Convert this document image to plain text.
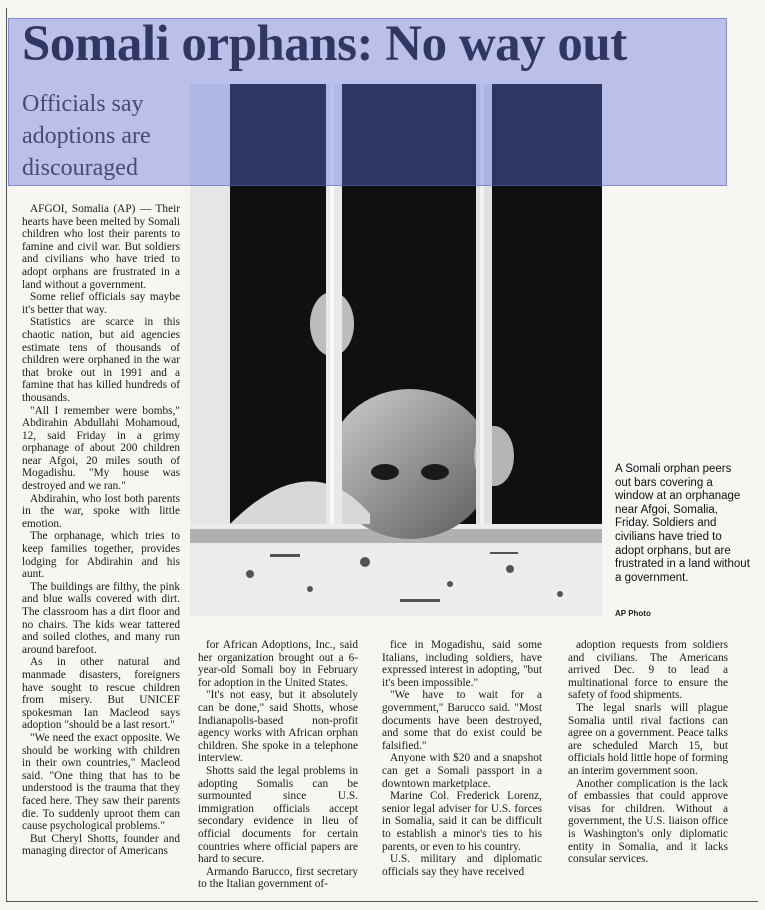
Somali orphans: No way out
Officials say adoptions are discouraged
A Somali orphan peers out bars covering a window at an orphanage near Afgoi, Somalia, Friday. Soldiers and civilians have tried to adopt orphans, but are frustrated in a land without a government.
AP Photo

AFGOI, Somalia (AP) — Their hearts have been melted by Somali children who lost their parents to famine and civil war. But soldiers and civilians who have tried to adopt orphans are frustrated in a land without a government.

Some relief officials say maybe it's better that way.

Statistics are scarce in this chaotic nation, but aid agencies estimate tens of thousands of children were orphaned in the war that broke out in 1991 and a famine that has killed hundreds of thousands.

"All I remember were bombs," Abdirahin Abdullahi Mohamoud, 12, said Friday in a grimy orphanage of about 200 children near Afgoi, 20 miles south of Mogadishu. "My house was destroyed and we ran."

Abdirahin, who lost both parents in the war, spoke with little emotion.

The orphanage, which tries to keep families together, provides lodging for Abdirahin and his aunt.

The buildings are filthy, the pink and blue walls covered with dirt. The classroom has a dirt floor and no chairs. The kids wear tattered and soiled clothes, and many run around barefoot.

As in other natural and manmade disasters, foreigners have sought to rescue children from misery. But UNICEF spokesman Ian Macleod says adoption "should be a last resort."

"We need the exact opposite. We should be working with children in their own countries," Macleod said. "One thing that has to be understood is the trauma that they faced here. They saw their parents die. To suddenly uproot them can cause psychological problems."

But Cheryl Shotts, founder and managing director of Americans

for African Adoptions, Inc., said her organization brought out a 6-year-old Somali boy in February for adoption in the United States.

"It's not easy, but it absolutely can be done," said Shotts, whose Indianapolis-based non-profit agency works with African orphan children. She spoke in a telephone interview.

Shotts said the legal problems in adopting Somalis can be surmounted since U.S. immigration officials accept secondary evidence in lieu of official documents for certain countries where official papers are hard to secure.

Armando Barucco, first secretary to the Italian government of-

fice in Mogadishu, said some Italians, including soldiers, have expressed interest in adopting, "but it's been impossible."

"We have to wait for a government," Barucco said. "Most documents have been destroyed, and some that do exist could be falsified."

Anyone with $20 and a snapshot can get a Somali passport in a downtown marketplace.

Marine Col. Frederick Lorenz, senior legal adviser for U.S. forces in Somalia, said it can be difficult to establish a minor's ties to his parents, or even to his country.

U.S. military and diplomatic officials say they have received

adoption requests from soldiers and civilians. The Americans arrived Dec. 9 to lead a multinational force to ensure the safety of food shipments.

The legal snarls will plague Somalia until rival factions can agree on a government. Peace talks are scheduled March 15, but officials hold little hope of forming an interim government soon.

Another complication is the lack of embassies that could approve visas for children. Without a government, the U.S. liaison office is Washington's only diplomatic entity in Somalia, and it lacks consular services.
